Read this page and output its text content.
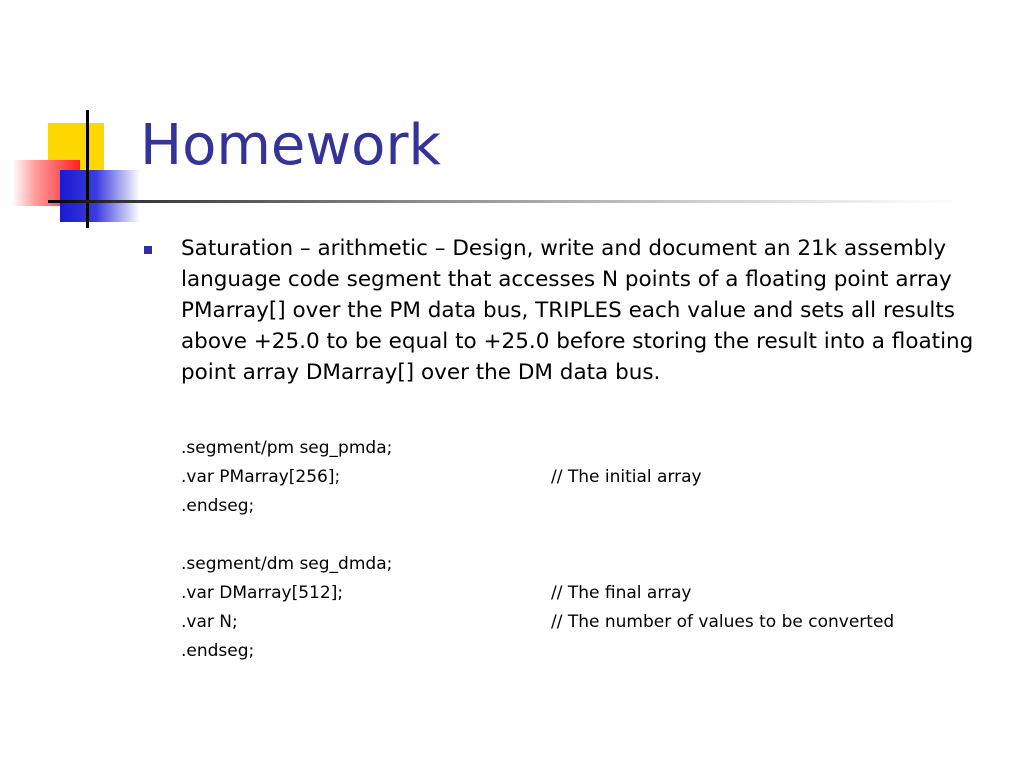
Homework

Saturation – arithmetic – Design, write and document an 21k assembly language code segment that accesses N points of a floating point array PMarray[] over the PM data bus, TRIPLES each value and sets all results above +25.0 to be equal to +25.0 before storing the result into a floating point array DMarray[] over the DM data bus.

.segment/pm seg_pmda;
.var PMarray[256];	// The initial array
.endseg;
.segment/dm seg_dmda;
.var DMarray[512];	// The final array
.var N;	// The number of values to be converted
.endseg;
